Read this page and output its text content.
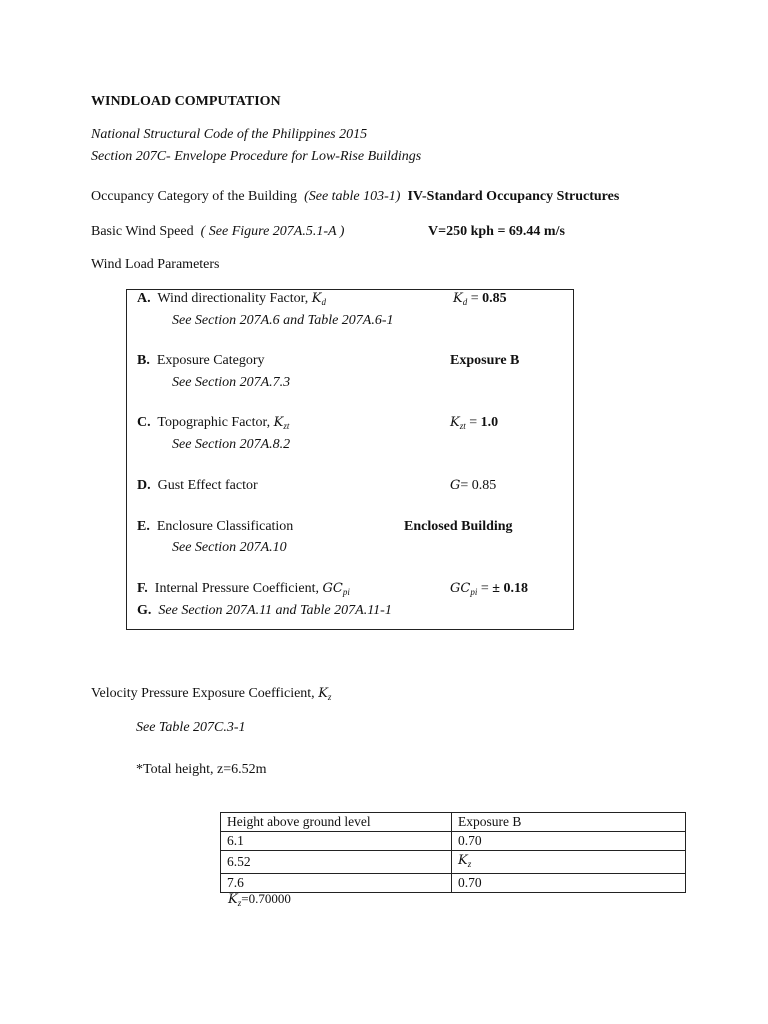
WINDLOAD COMPUTATION
National Structural Code of the Philippines 2015
Section 207C- Envelope Procedure for Low-Rise Buildings
Occupancy Category of the Building (See table 103-1) IV-Standard Occupancy Structures
Basic Wind Speed ( See Figure 207A.5.1-A )	V=250 kph = 69.44 m/s
Wind Load Parameters
A. Wind directionality Factor, $K_d$	$K_d = 0.85$
See Section 207A.6 and Table 207A.6-1
B. Exposure Category	Exposure B
See Section 207A.7.3
C. Topographic Factor, $K_{zt}$	$K_{zt} = 1.0$
See Section 207A.8.2
D. Gust Effect factor	G= 0.85
E. Enclosure Classification	Enclosed Building
See Section 207A.10
F. Internal Pressure Coefficient, $GC_{pi}$	$GC_{pi}$ = ± 0.18
G. See Section 207A.11 and Table 207A.11-1
Velocity Pressure Exposure Coefficient, $K_z$
See Table 207C.3-1
*Total height, z=6.52m
Height above ground level	Exposure B
6.1	0.70
6.52	$K_z$
7.6	0.70
$K_z=0.70000$
